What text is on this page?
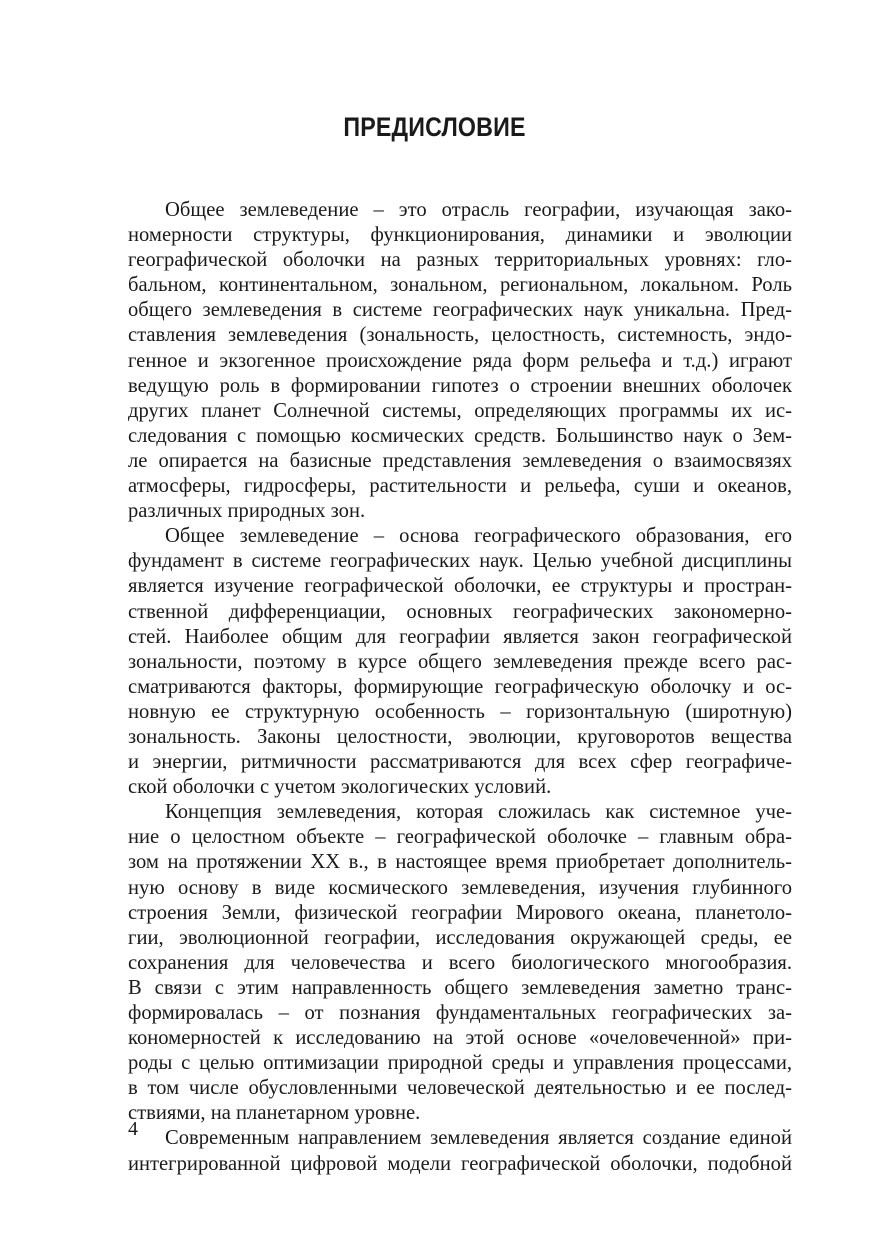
ПРЕДИСЛОВИЕ
Общее землеведение – это отрасль географии, изучающая зако-
номерности структуры, функционирования, динамики и эволюции
географической оболочки на разных территориальных уровнях: гло-
бальном, континентальном, зональном, региональном, локальном. Роль
общего землеведения в системе географических наук уникальна. Пред-
ставления землеведения (зональность, целостность, системность, эндо-
генное и экзогенное происхождение ряда форм рельефа и т.д.) играют
ведущую роль в формировании гипотез о строении внешних оболочек
других планет Солнечной системы, определяющих программы их ис-
следования с помощью космических средств. Большинство наук о Зем-
ле опирается на базисные представления землеведения о взаимосвязях
атмосферы, гидросферы, растительности и рельефа, суши и океанов,
различных природных зон.
Общее землеведение – основа географического образования, его
фундамент в системе географических наук. Целью учебной дисциплины
является изучение географической оболочки, ее структуры и простран-
ственной дифференциации, основных географических закономерно-
стей. Наиболее общим для географии является закон географической
зональности, поэтому в курсе общего землеведения прежде всего рас-
сматриваются факторы, формирующие географическую оболочку и ос-
новную ее структурную особенность – горизонтальную (широтную)
зональность. Законы целостности, эволюции, круговоротов вещества
и энергии, ритмичности рассматриваются для всех сфер географиче-
ской оболочки с учетом экологических условий.
Концепция землеведения, которая сложилась как системное уче-
ние о целостном объекте – географической оболочке – главным обра-
зом на протяжении XX в., в настоящее время приобретает дополнитель-
ную основу в виде космического землеведения, изучения глубинного
строения Земли, физической географии Мирового океана, планетоло-
гии, эволюционной географии, исследования окружающей среды, ее
сохранения для человечества и всего биологического многообразия.
В связи с этим направленность общего землеведения заметно транс-
формировалась – от познания фундаментальных географических за-
кономерностей к исследованию на этой основе «очеловеченной» при-
роды с целью оптимизации природной среды и управления процессами,
в том числе обусловленными человеческой деятельностью и ее послед-
ствиями, на планетарном уровне.
Современным направлением землеведения является создание единой
интегрированной цифровой модели географической оболочки, подобной
4
